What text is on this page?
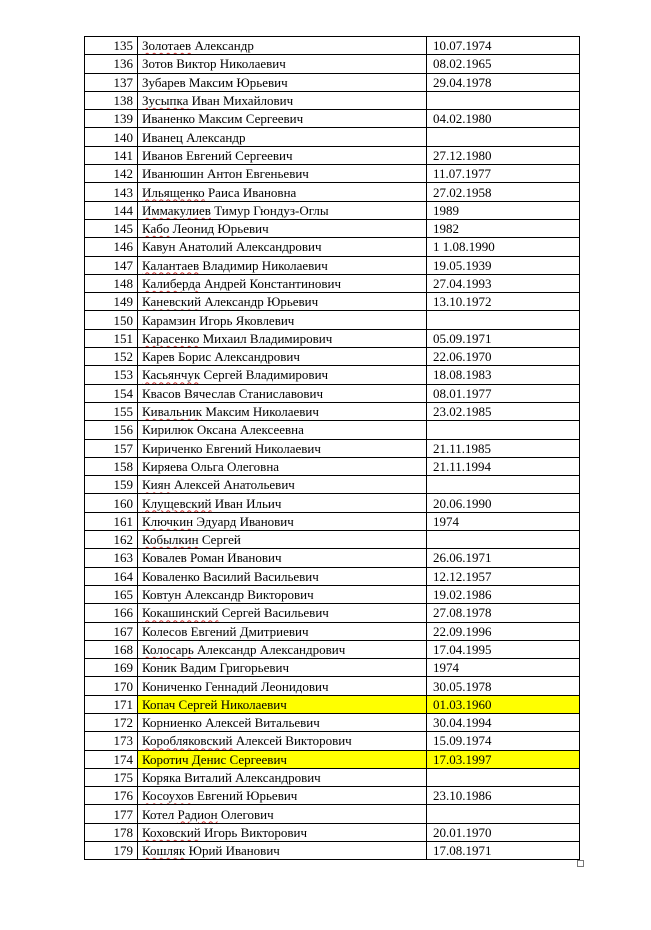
135	Золотаев Александр	10.07.1974
136	Зотов Виктор Николаевич	08.02.1965
137	Зубарев Максим Юрьевич	29.04.1978
138	Зусыпка Иван Михайлович	
139	Иваненко Максим Сергеевич	04.02.1980
140	Иванец Александр	
141	Иванов Евгений Сергеевич	27.12.1980
142	Иванюшин Антон Евгеньевич	11.07.1977
143	Ильященко Раиса Ивановна	27.02.1958
144	Иммакулиев Тимур Гюндуз-Оглы	1989
145	Кабо Леонид Юрьевич	1982
146	Кавун Анатолий Александрович	1 1.08.1990
147	Калантаев Владимир Николаевич	19.05.1939
148	Калиберда Андрей Константинович	27.04.1993
149	Каневский Александр Юрьевич	13.10.1972
150	Карамзин Игорь Яковлевич	
151	Карасенко Михаил Владимирович	05.09.1971
152	Карев Борис Александрович	22.06.1970
153	Касьянчук Сергей Владимирович	18.08.1983
154	Квасов Вячеслав Станиславович	08.01.1977
155	Кивальник Максим Николаевич	23.02.1985
156	Кирилюк Оксана Алексеевна	
157	Кириченко Евгений Николаевич	21.11.1985
158	Киряева Ольга Олеговна	21.11.1994
159	Киян Алексей Анатольевич	
160	Клущевский Иван Ильич	20.06.1990
161	Ключкин Эдуард Иванович	1974
162	Кобылкин Сергей	
163	Ковалев Роман Иванович	26.06.1971
164	Коваленко Василий Васильевич	12.12.1957
165	Ковтун Александр Викторович	19.02.1986
166	Кокашинский Сергей Васильевич	27.08.1978
167	Колесов Евгений Дмитриевич	22.09.1996
168	Колосарь Александр Александрович	17.04.1995
169	Коник Вадим Григорьевич	1974
170	Кониченко Геннадий Леонидович	30.05.1978
171	Копач Сергей Николаевич	01.03.1960
172	Корниенко Алексей Витальевич	30.04.1994
173	Коробляковский Алексей Викторович	15.09.1974
174	Коротич Денис Сергеевич	17.03.1997
175	Коряка Виталий Александрович	
176	Косоухов Евгений Юрьевич	23.10.1986
177	Котел Радион Олегович	
178	Коховский Игорь Викторович	20.01.1970
179	Кошляк Юрий Иванович	17.08.1971
